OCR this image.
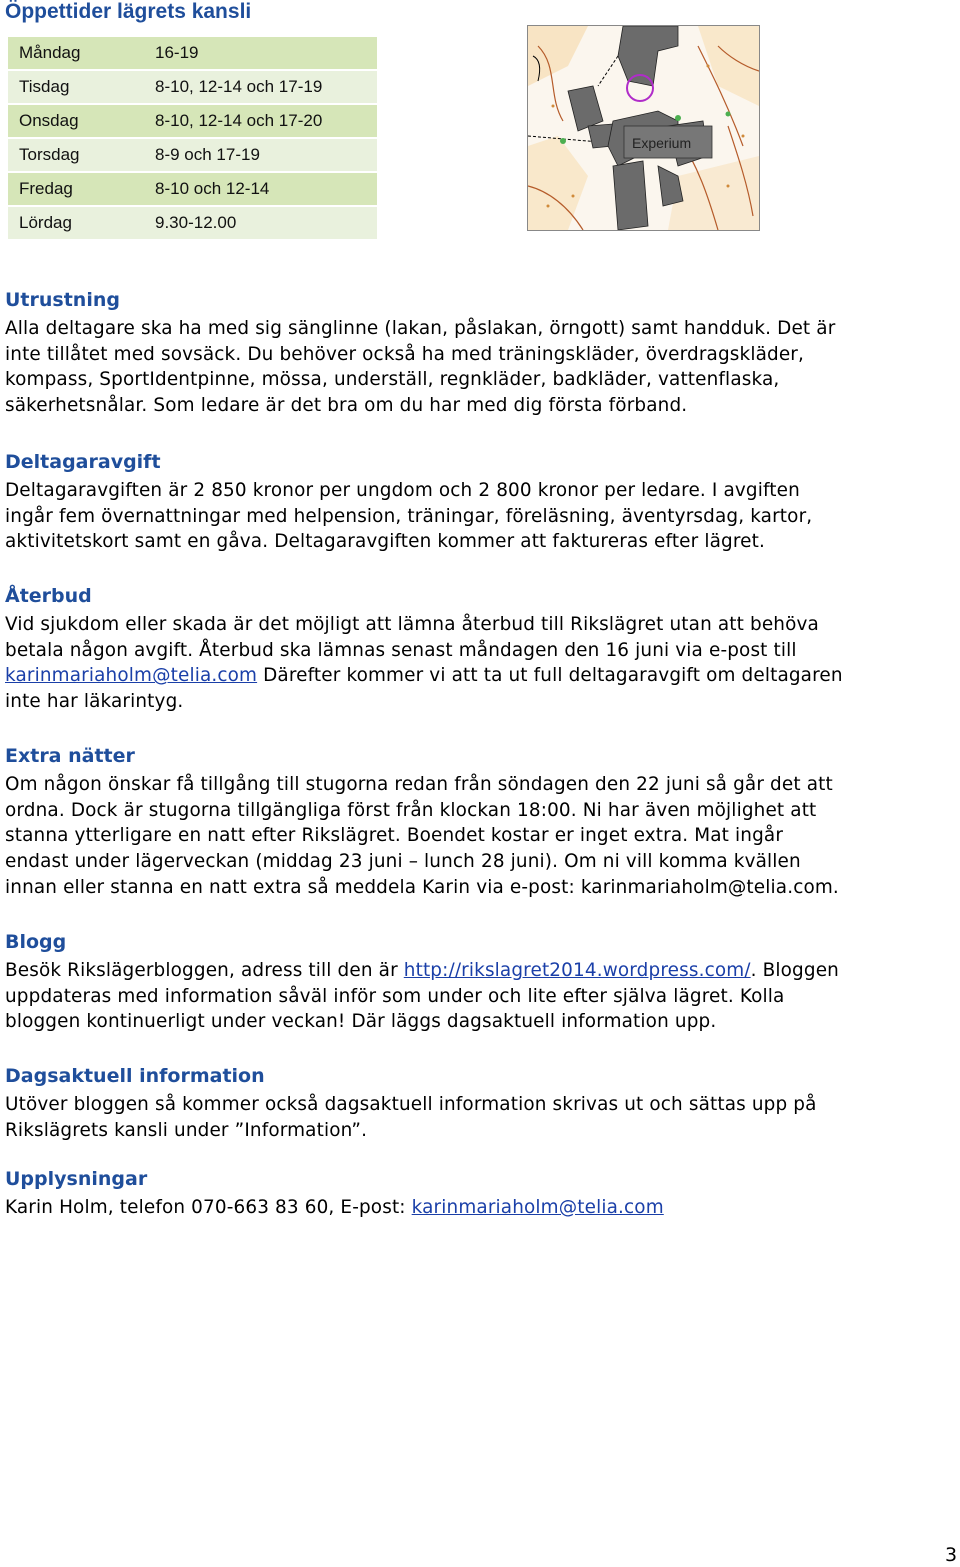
Öppettider lägrets kansli
Måndag	16-19
Tisdag	8-10, 12-14 och 17-19
Onsdag	8-10, 12-14 och 17-20
Torsdag	8-9 och 17-19
Fredag	8-10 och 12-14
Lördag	9.30-12.00
Experium
Utrustning

Alla deltagare ska ha med sig sänglinne (lakan, påslakan, örngott) samt handduk. Det är
inte tillåtet med sovsäck. Du behöver också ha med träningskläder, överdragskläder,
kompass, SportIdentpinne, mössa, underställ, regnkläder, badkläder, vattenflaska,
säkerhetsnålar. Som ledare är det bra om du har med dig första förband.

Deltagaravgift

Deltagaravgiften är 2 850 kronor per ungdom och 2 800 kronor per ledare. I avgiften
ingår fem övernattningar med helpension, träningar, föreläsning, äventyrsdag, kartor,
aktivitetskort samt en gåva. Deltagaravgiften kommer att faktureras efter lägret.

Återbud

Vid sjukdom eller skada är det möjligt att lämna återbud till Rikslägret utan att behöva
betala någon avgift. Återbud ska lämnas senast måndagen den 16 juni via e-post till
karinmariaholm@telia.com Därefter kommer vi att ta ut full deltagaravgift om deltagaren
inte har läkarintyg.

Extra nätter

Om någon önskar få tillgång till stugorna redan från söndagen den 22 juni så går det att
ordna. Dock är stugorna tillgängliga först från klockan 18:00. Ni har även möjlighet att
stanna ytterligare en natt efter Rikslägret. Boendet kostar er inget extra. Mat ingår
endast under lägerveckan (middag 23 juni – lunch 28 juni). Om ni vill komma kvällen
innan eller stanna en natt extra så meddela Karin via e-post: karinmariaholm@telia.com.

Blogg

Besök Rikslägerbloggen, adress till den är http://rikslagret2014.wordpress.com/. Bloggen
uppdateras med information såväl inför som under och lite efter själva lägret. Kolla
bloggen kontinuerligt under veckan! Där läggs dagsaktuell information upp.

Dagsaktuell information

Utöver bloggen så kommer också dagsaktuell information skrivas ut och sättas upp på
Rikslägrets kansli under ”Information”.

Upplysningar

Karin Holm, telefon 070-663 83 60, E-post: karinmariaholm@telia.com

3
